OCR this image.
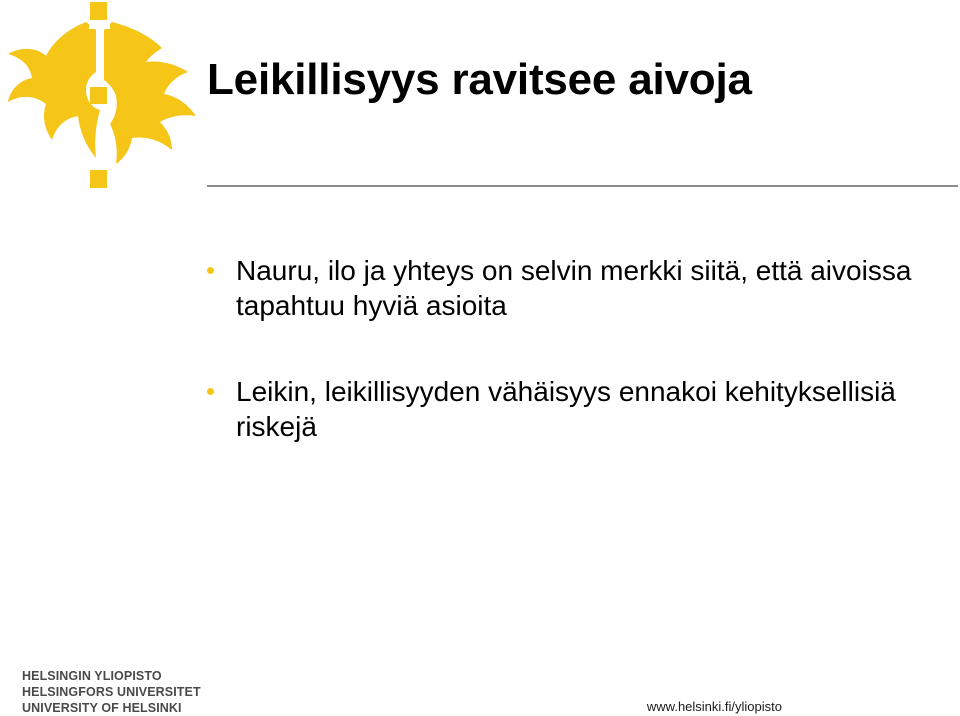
Leikillisyys ravitsee aivoja
Nauru, ilo ja yhteys on selvin merkki siitä, että aivoissa tapahtuu hyviä asioita
Leikin, leikillisyyden vähäisyys ennakoi kehityksellisiä riskejä
HELSINGIN YLIOPISTO
HELSINGFORS UNIVERSITET
UNIVERSITY OF HELSINKI	www.helsinki.fi/yliopisto
